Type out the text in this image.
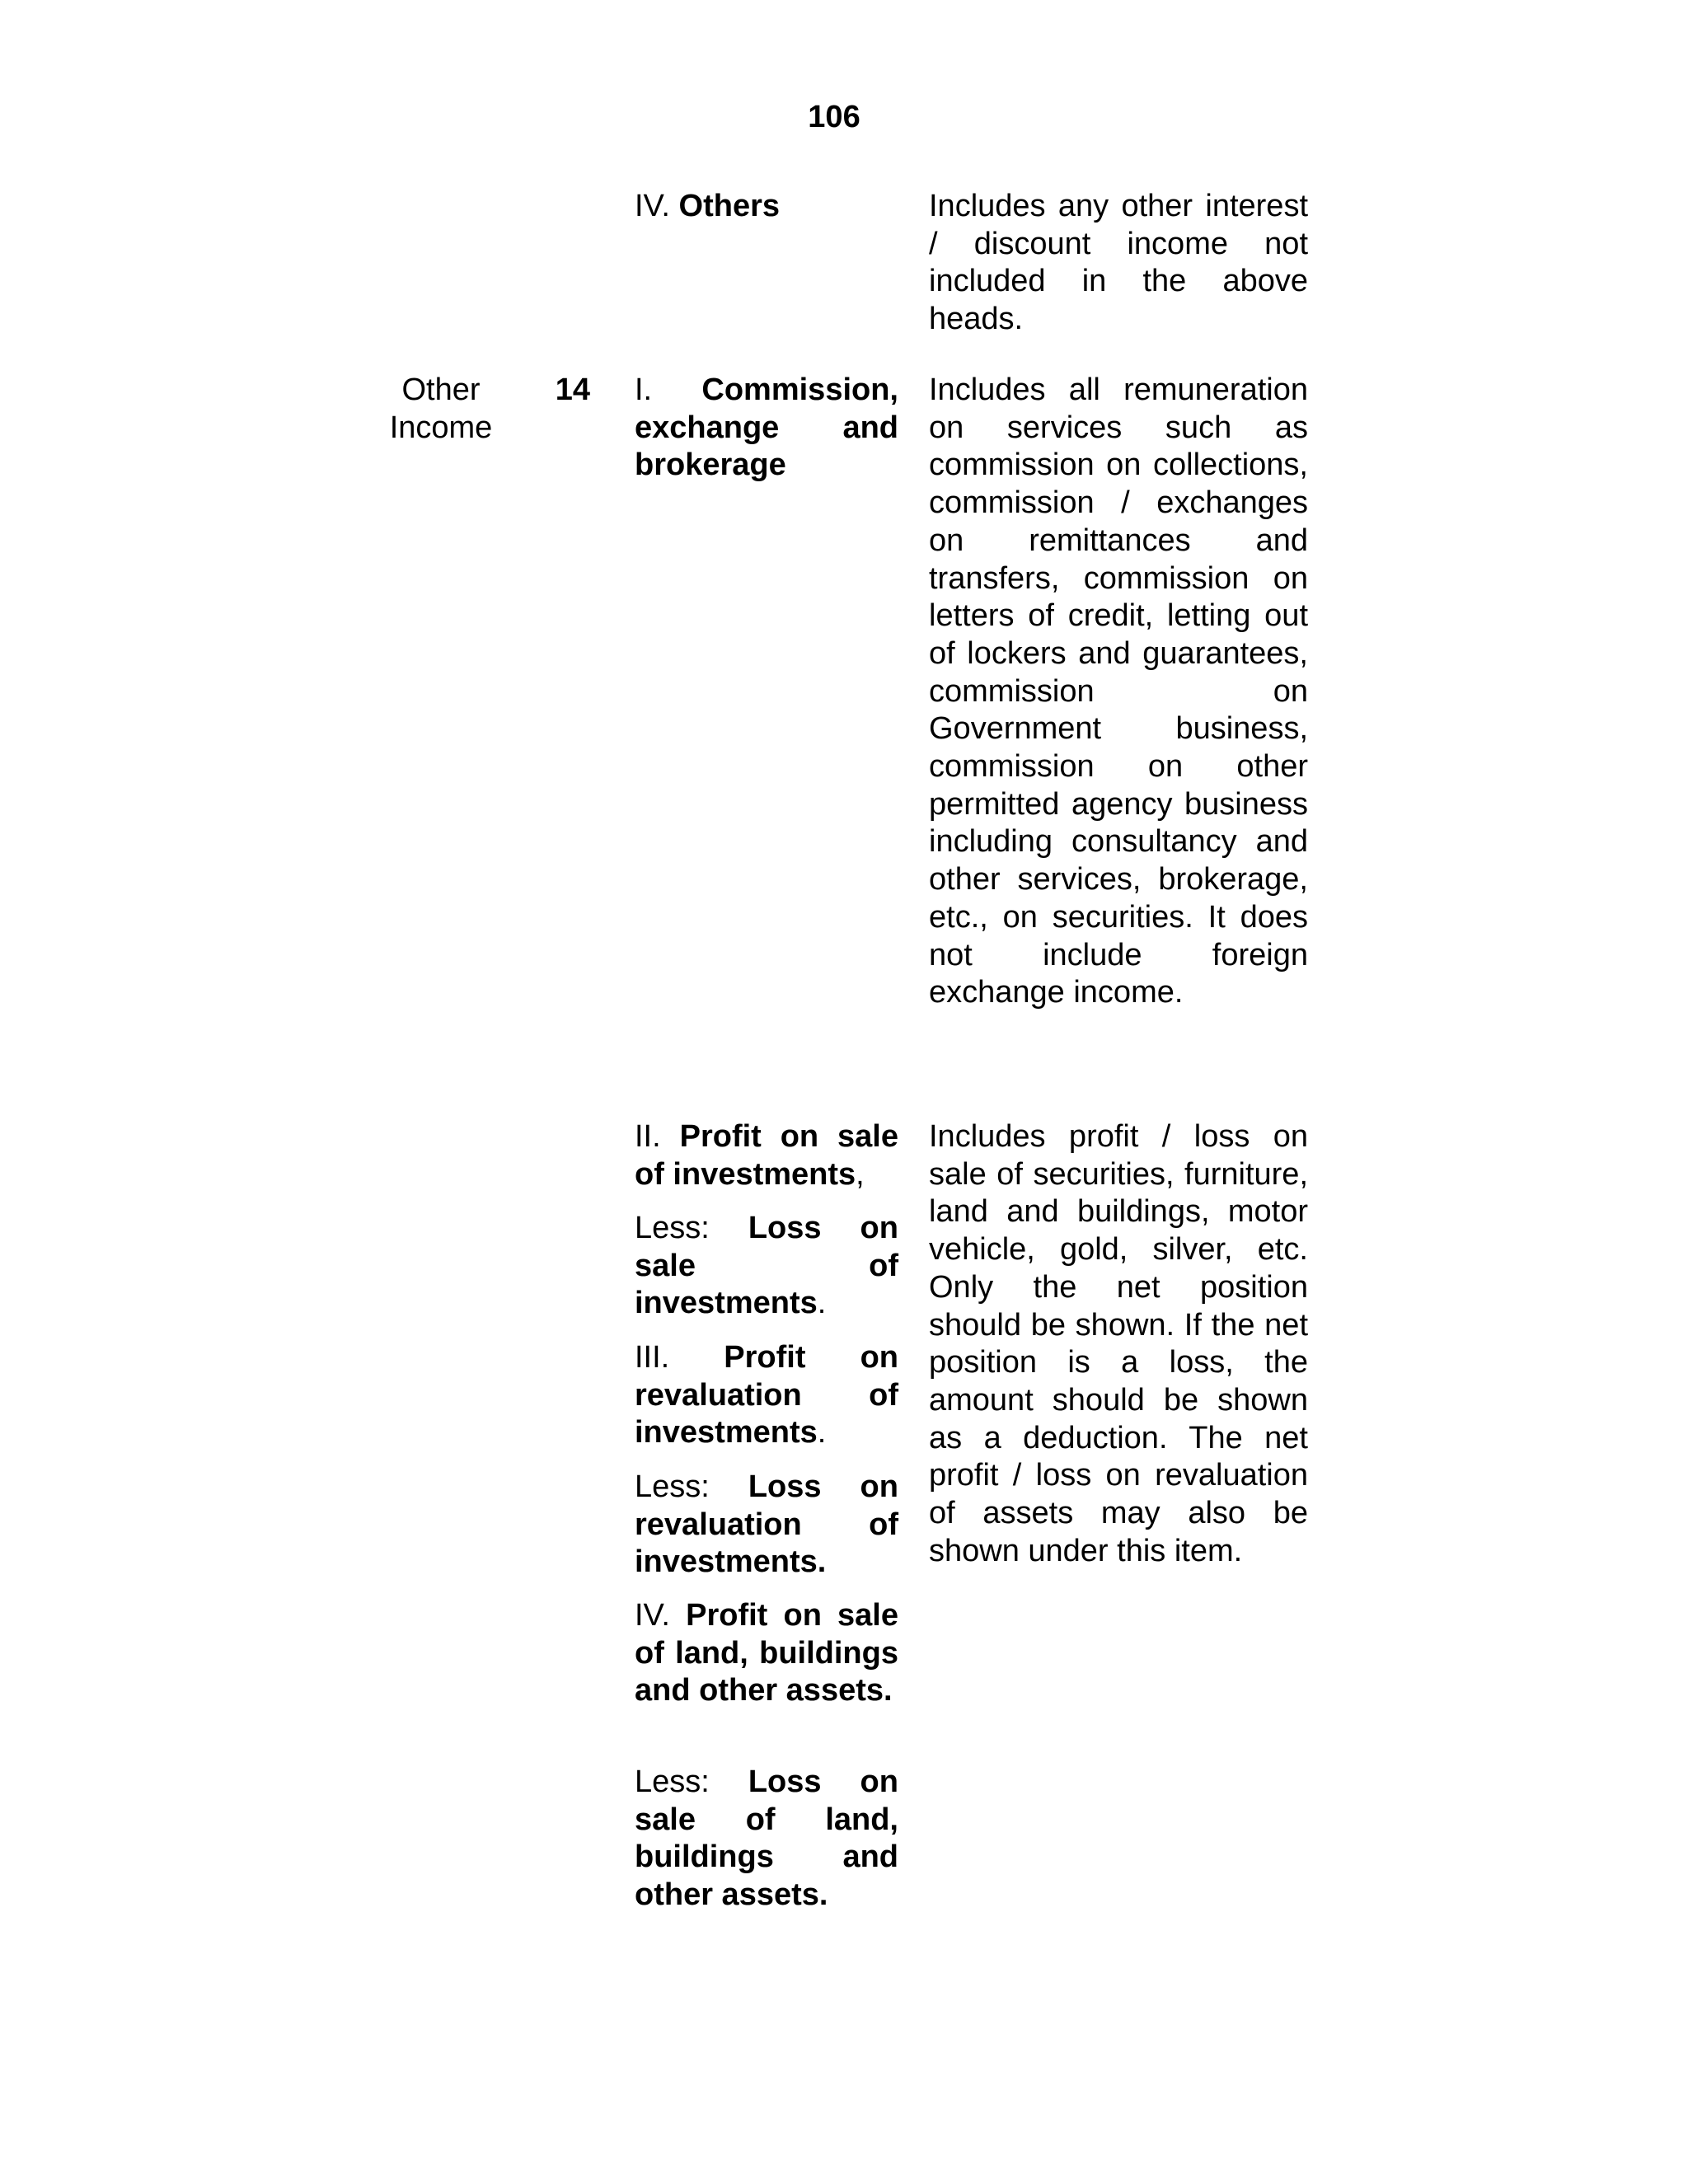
106
IV. Others	Includes any other interest / discount income not included in the above heads.
Other Income
14 I. Commission, exchange and brokerage
Includes all remuneration on services such as commission on collections, commission / exchanges on remittances and transfers, commission on letters of credit, letting out of lockers and guarantees, commission on Government business, commission on other permitted agency business including consultancy and other services, brokerage, etc., on securities. It does not include foreign exchange income.
II. Profit on sale of investments,
Less: Loss on sale of investments.
III. Profit on revaluation of investments.
Less: Loss on revaluation of investments.
IV. Profit on sale of land, buildings and other assets.
Less: Loss on sale of land, buildings and other assets.
Includes profit / loss on sale of securities, furniture, land and buildings, motor vehicle, gold, silver, etc. Only the net position should be shown. If the net position is a loss, the amount should be shown as a deduction. The net profit / loss on revaluation of assets may also be shown under this item.
